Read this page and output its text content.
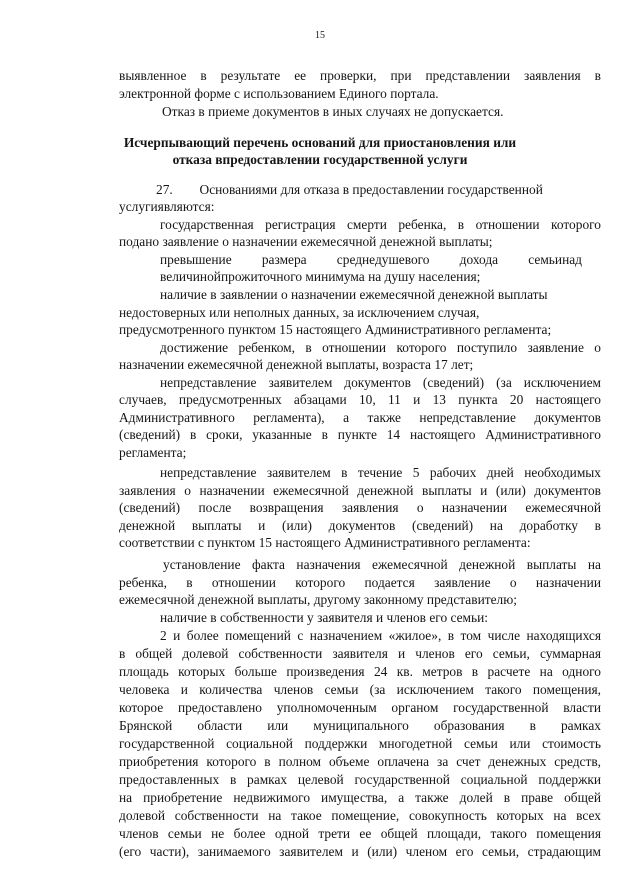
15

выявленное в результате ее проверки, при представлении заявления в

электронной форме с использованием Единого портала.

Отказ в приеме документов в иных случаях не допускается.

Исчерпывающий перечень оснований для приостановления или
отказа впредоставлении государственной услуги

27.        Основаниями для отказа в предоставлении государственной

услугиявляются:

государственная регистрация смерти ребенка, в отношении которого

подано заявление о назначении ежемесячной денежной выплаты;

превышение размера среднедушевого дохода семьинад

величинойпрожиточного минимума на душу населения;

наличие в заявлении о назначении ежемесячной денежной выплаты

недостоверных или неполных данных, за исключением случая,

предусмотренного пунктом 15 настоящего Административного регламента;

достижение ребенком, в отношении которого поступило заявление о

назначении ежемесячной денежной выплаты, возраста 17 лет;

непредставление заявителем документов (сведений) (за исключением

случаев, предусмотренных абзацами 10, 11 и 13 пункта 20 настоящего

Административного регламента), а также непредставление документов

(сведений) в сроки, указанные в пункте 14 настоящего Административного

регламента;

непредставление заявителем в течение 5 рабочих дней необходимых

заявления о назначении ежемесячной денежной выплаты и (или) документов

(сведений) после возвращения заявления о назначении ежемесячной

денежной выплаты и (или) документов (сведений) на доработку в

соответствии с пунктом 15 настоящего Административного регламента:

установление факта назначения ежемесячной денежной выплаты на

ребенка, в отношении которого подается заявление о назначении

ежемесячной денежной выплаты, другому законному представителю;

наличие в собственности у заявителя и членов его семьи:

2 и более помещений с назначением «жилое», в том числе находящихся

в общей долевой собственности заявителя и членов его семьи, суммарная

площадь которых больше произведения 24 кв. метров в расчете на одного

человека и количества членов семьи (за исключением такого помещения,

которое предоставлено уполномоченным органом государственной власти

Брянской области или муниципального образования в рамках

государственной социальной поддержки многодетной семьи или стоимость

приобретения которого в полном объеме оплачена за счет денежных средств,

предоставленных в рамках целевой государственной социальной поддержки

на приобретение недвижимого имущества, а также долей в праве общей

долевой собственности на такое помещение, совокупность которых на всех

членов семьи не более одной трети ее общей площади, такого помещения

(его части), занимаемого заявителем и (или) членом его семьи, страдающим
